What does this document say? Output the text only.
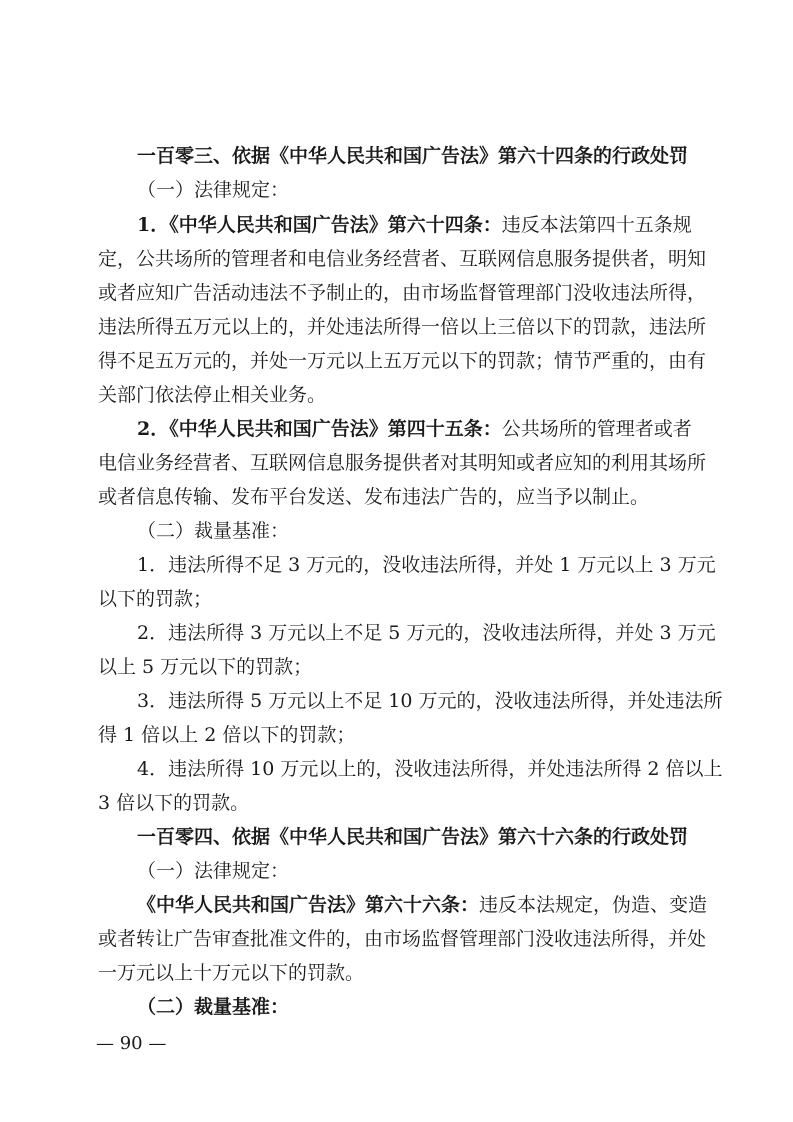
一百零三、依据《中华人民共和国广告法》第六十四条的行政处罚
（一）法律规定：
1．《中华人民共和国广告法》第六十四条：违反本法第四十五条规
定，公共场所的管理者和电信业务经营者、互联网信息服务提供者，明知
或者应知广告活动违法不予制止的，由市场监督管理部门没收违法所得，
违法所得五万元以上的，并处违法所得一倍以上三倍以下的罚款，违法所
得不足五万元的，并处一万元以上五万元以下的罚款；情节严重的，由有
关部门依法停止相关业务。
2．《中华人民共和国广告法》第四十五条：公共场所的管理者或者
电信业务经营者、互联网信息服务提供者对其明知或者应知的利用其场所
或者信息传输、发布平台发送、发布违法广告的，应当予以制止。
（二）裁量基准：
1．违法所得不足 3 万元的，没收违法所得，并处 1 万元以上 3 万元
以下的罚款；
2．违法所得 3 万元以上不足 5 万元的，没收违法所得，并处 3 万元
以上 5 万元以下的罚款；
3．违法所得 5 万元以上不足 10 万元的，没收违法所得，并处违法所
得 1 倍以上 2 倍以下的罚款；
4．违法所得 10 万元以上的，没收违法所得，并处违法所得 2 倍以上
3 倍以下的罚款。
一百零四、依据《中华人民共和国广告法》第六十六条的行政处罚
（一）法律规定：
《中华人民共和国广告法》第六十六条：违反本法规定，伪造、变造
或者转让广告审查批准文件的，由市场监督管理部门没收违法所得，并处
一万元以上十万元以下的罚款。
（二）裁量基准：
— 90 —
